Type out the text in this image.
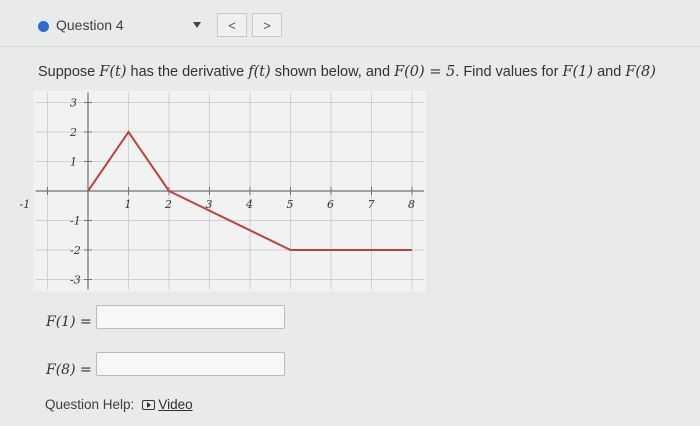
Question 4	<	>
Suppose F(t) has the derivative f(t) shown below, and F(0) = 5. Find values for F(1) and F(8)
-1	1	2	3	4	5	6	7	8
3
2
1
-1
-2
-3
F(1) =
F(8) =
Question Help: Video
